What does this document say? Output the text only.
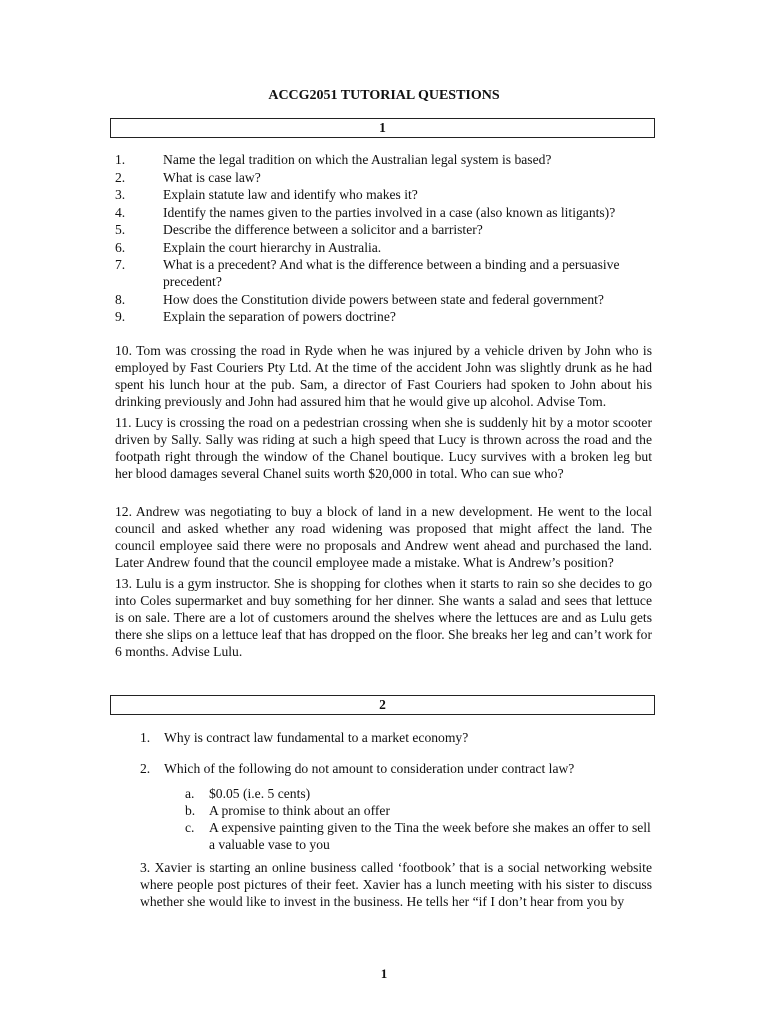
ACCG2051 TUTORIAL QUESTIONS
1
1.	Name the legal tradition on which the Australian legal system is based?
2.	What is case law?
3.	Explain statute law and identify who makes it?
4.	Identify the names given to the parties involved in a case (also known as litigants)?
5.	Describe the difference between a solicitor and a barrister?
6.	Explain the court hierarchy in Australia.
7.	What is a precedent? And what is the difference between a binding and a persuasive precedent?
8.	How does the Constitution divide powers between state and federal government?
9.	Explain the separation of powers doctrine?

10. Tom was crossing the road in Ryde when he was injured by a vehicle driven by John who is employed by Fast Couriers Pty Ltd. At the time of the accident John was slightly drunk as he had spent his lunch hour at the pub. Sam, a director of Fast Couriers had spoken to John about his drinking previously and John had assured him that he would give up alcohol. Advise Tom.

11. Lucy is crossing the road on a pedestrian crossing when she is suddenly hit by a motor scooter driven by Sally. Sally was riding at such a high speed that Lucy is thrown across the road and the footpath right through the window of the Chanel boutique. Lucy survives with a broken leg but her blood damages several Chanel suits worth $20,000 in total. Who can sue who?

12. Andrew was negotiating to buy a block of land in a new development. He went to the local council and asked whether any road widening was proposed that might affect the land. The council employee said there were no proposals and Andrew went ahead and purchased the land. Later Andrew found that the council employee made a mistake. What is Andrew’s position?

13. Lulu is a gym instructor. She is shopping for clothes when it starts to rain so she decides to go into Coles supermarket and buy something for her dinner. She wants a salad and sees that lettuce is on sale. There are a lot of customers around the shelves where the lettuces are and as Lulu gets there she slips on a lettuce leaf that has dropped on the floor. She breaks her leg and can’t work for 6 months. Advise Lulu.

2

1. Why is contract law fundamental to a market economy?

2. Which of the following do not amount to consideration under contract law?

a. $0.05 (i.e. 5 cents)
b. A promise to think about an offer
c. A expensive painting given to the Tina the week before she makes an offer to sell a valuable vase to you

3. Xavier is starting an online business called ‘footbook’ that is a social networking website where people post pictures of their feet. Xavier has a lunch meeting with his sister to discuss whether she would like to invest in the business. He tells her “if I don’t hear from you by

1
